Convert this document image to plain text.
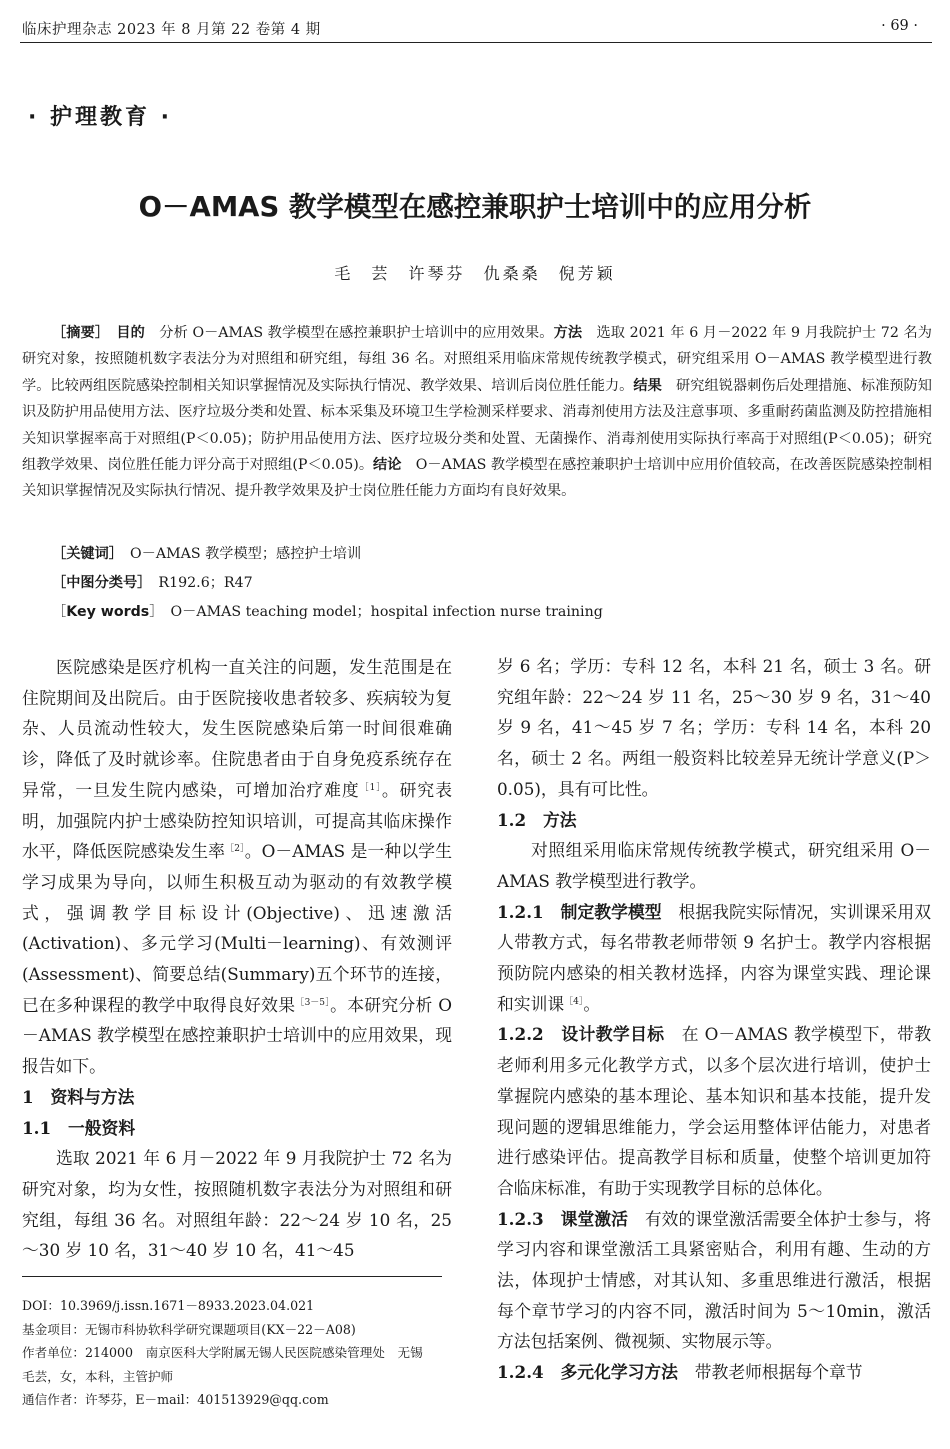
临床护理杂志 2023 年 8 月第 22 卷第 4 期	· 69 ·
· 护理教育 ·
O－AMAS 教学模型在感控兼职护士培训中的应用分析
毛 芸 许琴芬 仇桑桑 倪芳颖
［摘要］　 目的　 分析 O－AMAS 教学模型在感控兼职护士培训中的应用效果。方法　 选取 2021 年 6 月－2022 年 9 月我院护士 72 名为研究对象，按照随机数字表法分为对照组和研究组，每组 36 名。对照组采用临床常规传统教学模式，研究组采用 O－AMAS 教学模型进行教学。比较两组医院感染控制相关知识掌握情况及实际执行情况、教学效果、培训后岗位胜任能力。结果　 研究组锐器刺伤后处理措施、标准预防知识及防护用品使用方法、医疗垃圾分类和处置、标本采集及环境卫生学检测采样要求、消毒剂使用方法及注意事项、多重耐药菌监测及防控措施相关知识掌握率高于对照组(P＜0.05)；防护用品使用方法、医疗垃圾分类和处置、无菌操作、消毒剂使用实际执行率高于对照组(P＜0.05)；研究组教学效果、岗位胜任能力评分高于对照组(P＜0.05)。结论　 O－AMAS 教学模型在感控兼职护士培训中应用价值较高，在改善医院感染控制相关知识掌握情况及实际执行情况、提升教学效果及护士岗位胜任能力方面均有良好效果。
［关键词］　 O－AMAS 教学模型；感控护士培训
［中图分类号］　 R192.6；R47
［Key words］　 O－AMAS teaching model；hospital infection nurse training

医院感染是医疗机构一直关注的问题，发生范围是在住院期间及出院后。由于医院接收患者较多、疾病较为复杂、人员流动性较大，发生医院感染后第一时间很难确诊，降低了及时就诊率。住院患者由于自身免疫系统存在异常，一旦发生院内感染，可增加治疗难度$^{[1]}$。研究表明，加强院内护士感染防控知识培训，可提高其临床操作水平，降低医院感染发生率$^{[2]}$。O－AMAS 是一种以学生学习成果为导向，以师生积极互动为驱动的有效教学模式，强调教学目标设计(Objective)、迅速激活(Activation)、多元学习(Multi－learning)、有效测评(Assessment)、简要总结(Summary)五个环节的连接，已在多种课程的教学中取得良好效果$^{[3-5]}$。本研究分析 O－AMAS 教学模型在感控兼职护士培训中的应用效果，现报告如下。

1　资料与方法

1.1　一般资料

选取 2021 年 6 月－2022 年 9 月我院护士 72 名为研究对象，均为女性，按照随机数字表法分为对照组和研究组，每组 36 名。对照组年龄：22～24 岁 10 名，25～30 岁 10 名，31～40 岁 10 名，41～45

DOI：10.3969/j.issn.1671－8933.2023.04.021
基金项目：无锡市科协软科学研究课题项目(KX－22－A08)
作者单位：214000　南京医科大学附属无锡人民医院感染管理处　无锡
毛芸，女，本科，主管护师
通信作者：许琴芬，E－mail：401513929@qq.com

岁 6 名；学历：专科 12 名，本科 21 名，硕士 3 名。研究组年龄：22～24 岁 11 名，25～30 岁 9 名，31～40 岁 9 名，41～45 岁 7 名；学历：专科 14 名，本科 20 名，硕士 2 名。两组一般资料比较差异无统计学意义(P＞0.05)，具有可比性。

1.2　方法

对照组采用临床常规传统教学模式，研究组采用 O－AMAS 教学模型进行教学。

1.2.1　制定教学模型　 根据我院实际情况，实训课采用双人带教方式，每名带教老师带领 9 名护士。教学内容根据预防院内感染的相关教材选择，内容为课堂实践、理论课和实训课$^{[4]}$。

1.2.2　设计教学目标　 在 O－AMAS 教学模型下，带教老师利用多元化教学方式，以多个层次进行培训，使护士掌握院内感染的基本理论、基本知识和基本技能，提升发现问题的逻辑思维能力，学会运用整体评估能力，对患者进行感染评估。提高教学目标和质量，使整个培训更加符合临床标准，有助于实现教学目标的总体化。

1.2.3　课堂激活　 有效的课堂激活需要全体护士参与，将学习内容和课堂激活工具紧密贴合，利用有趣、生动的方法，体现护士情感，对其认知、多重思维进行激活，根据每个章节学习的内容不同，激活时间为 5～10min，激活方法包括案例、微视频、实物展示等。

1.2.4　多元化学习方法　 带教老师根据每个章节
